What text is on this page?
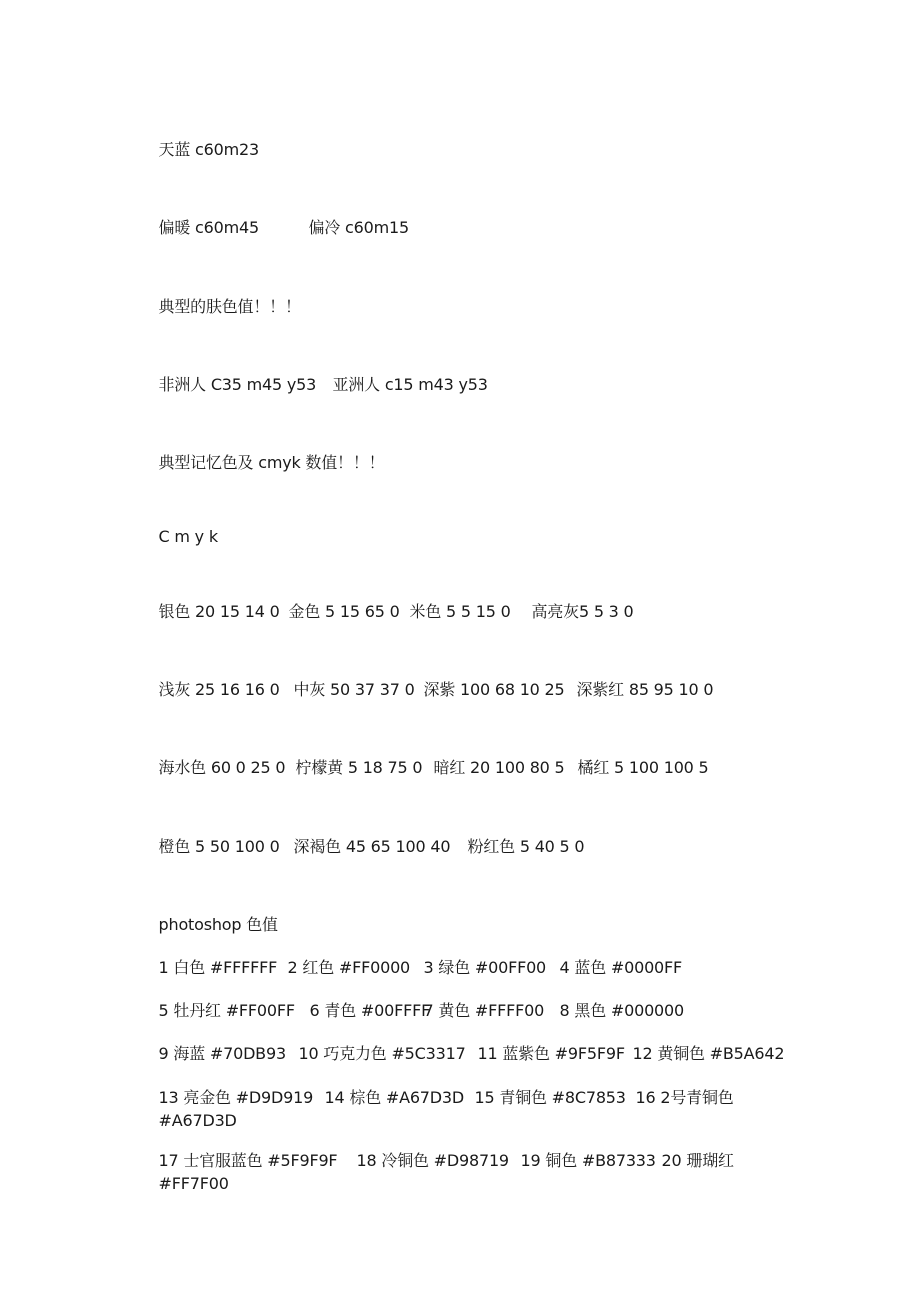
天蓝 c60m23

偏暖 c60m45	偏冷 c60m15

典型的肤色值！！！

非洲人 C35 m45 y53 亚洲人 c15 m43 y53

典型记忆色及 cmyk 数值！！！

C m y k

银色 20 15 14 0 金色 5 15 65 0 米色 5 5 15 0 高亮灰5 5 3 0

浅灰 25 16 16 0 中灰 50 37 37 0 深紫 100 68 10 25 深紫红 85 95 10 0

海水色 60 0 25 0 柠檬黄 5 18 75 0 暗红 20 100 80 5 橘红 5 100 100 5

橙色 5 50 100 0 深褐色 45 65 100 40 粉红色 5 40 5 0

photoshop 色值

1 白色 #FFFFFF 2 红色 #FF0000 3 绿色 #00FF00 4 蓝色 #0000FF

5 牡丹红 #FF00FF 6 青色 #00FFFF7 黄色 #FFFF00 8 黑色 #000000

9 海蓝 #70DB93 10 巧克力色 #5C3317 11 蓝紫色 #9F5F9F 12 黄铜色 #B5A642

13 亮金色 #D9D919 14 棕色 #A67D3D 15 青铜色 #8C7853 16 2号青铜色

#A67D3D

17 士官服蓝色 #5F9F9F 18 冷铜色 #D98719 19 铜色 #B87333 20 珊瑚红

#FF7F00
